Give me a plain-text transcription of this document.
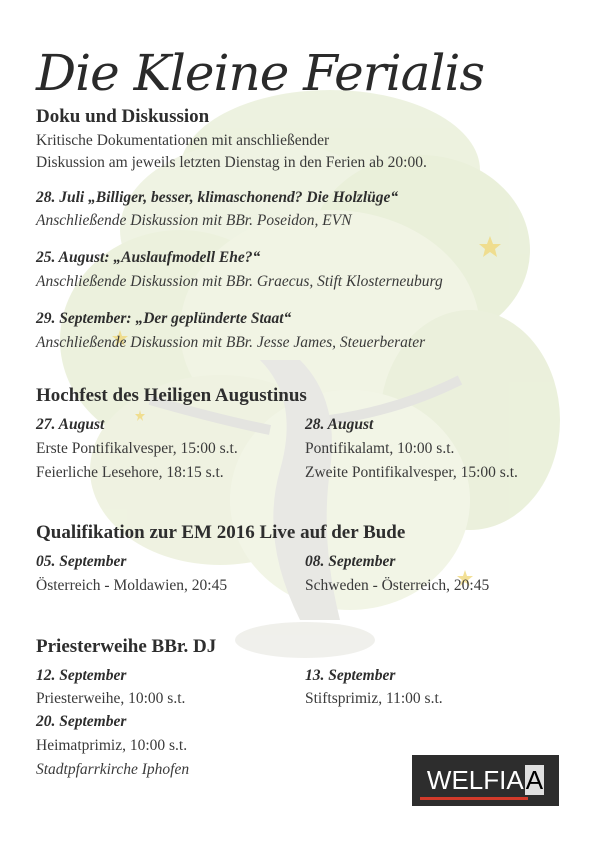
Die Kleine Ferialis
Doku und Diskussion
Kritische Dokumentationen mit anschließender
Diskussion am jeweils letzten Dienstag in den Ferien ab 20:00.
28. Juli „Billiger, besser, klimaschonend? Die Holzlüge“
Anschließende Diskussion mit BBr. Poseidon, EVN
25. August: „Auslaufmodell Ehe?“
Anschließende Diskussion mit BBr. Graecus, Stift Klosterneuburg
29. September: „Der geplünderte Staat“
Anschließende Diskussion mit BBr. Jesse James, Steuerberater
Hochfest des Heiligen Augustinus
27. August
Erste Pontifikalvesper, 15:00 s.t.
Feierliche Lesehore, 18:15 s.t.
28. August
Pontifikalamt, 10:00 s.t.
Zweite Pontifikalvesper, 15:00 s.t.
Qualifikation zur EM 2016 Live auf der Bude
05. September
Österreich - Moldawien, 20:45
08. September
Schweden - Österreich, 20:45
Priesterweihe BBr. DJ
12. September
Priesterweihe, 10:00 s.t.
20. September
Heimatprimiz, 10:00 s.t.
Stadtpfarrkirche Iphofen
13. September
Stiftsprimiz, 11:00 s.t.
WELFIAA
